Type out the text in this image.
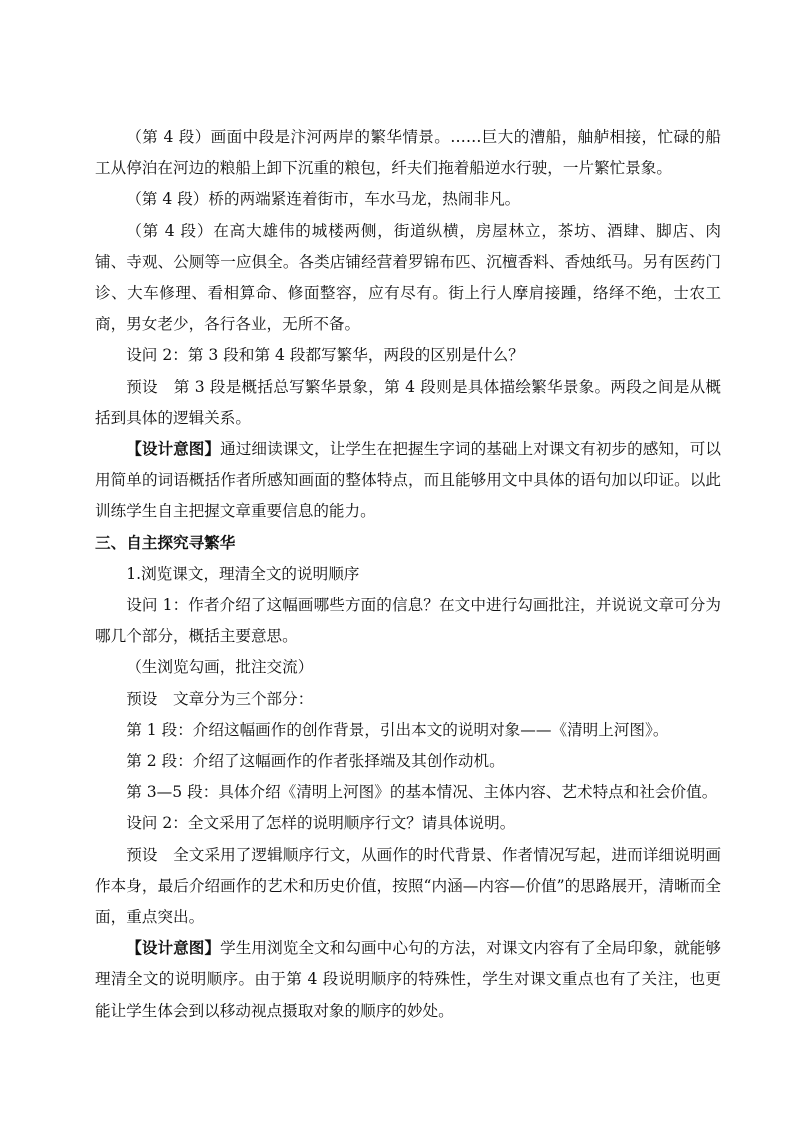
（第 4 段）画面中段是汴河两岸的繁华情景。……巨大的漕船，舳舻相接，忙碌的船工从停泊在河边的粮船上卸下沉重的粮包，纤夫们拖着船逆水行驶，一片繁忙景象。

（第 4 段）桥的两端紧连着街市，车水马龙，热闹非凡。

（第 4 段）在高大雄伟的城楼两侧，街道纵横，房屋林立，茶坊、酒肆、脚店、肉铺、寺观、公厕等一应俱全。各类店铺经营着罗锦布匹、沉檀香料、香烛纸马。另有医药门诊、大车修理、看相算命、修面整容，应有尽有。街上行人摩肩接踵，络绎不绝，士农工商，男女老少，各行各业，无所不备。

设问 2：第 3 段和第 4 段都写繁华，两段的区别是什么？

预设　第 3 段是概括总写繁华景象，第 4 段则是具体描绘繁华景象。两段之间是从概括到具体的逻辑关系。

【设计意图】通过细读课文，让学生在把握生字词的基础上对课文有初步的感知，可以用简单的词语概括作者所感知画面的整体特点，而且能够用文中具体的语句加以印证。以此训练学生自主把握文章重要信息的能力。

三、自主探究寻繁华

1.浏览课文，理清全文的说明顺序

设问 1：作者介绍了这幅画哪些方面的信息？在文中进行勾画批注，并说说文章可分为哪几个部分，概括主要意思。

（生浏览勾画，批注交流）

预设　文章分为三个部分：

第 1 段：介绍这幅画作的创作背景，引出本文的说明对象——《清明上河图》。

第 2 段：介绍了这幅画作的作者张择端及其创作动机。

第 3—5 段：具体介绍《清明上河图》的基本情况、主体内容、艺术特点和社会价值。

设问 2：全文采用了怎样的说明顺序行文？请具体说明。

预设　全文采用了逻辑顺序行文，从画作的时代背景、作者情况写起，进而详细说明画作本身，最后介绍画作的艺术和历史价值，按照“内涵—内容—价值”的思路展开，清晰而全面，重点突出。

【设计意图】学生用浏览全文和勾画中心句的方法，对课文内容有了全局印象，就能够理清全文的说明顺序。由于第 4 段说明顺序的特殊性，学生对课文重点也有了关注，也更能让学生体会到以移动视点摄取对象的顺序的妙处。
